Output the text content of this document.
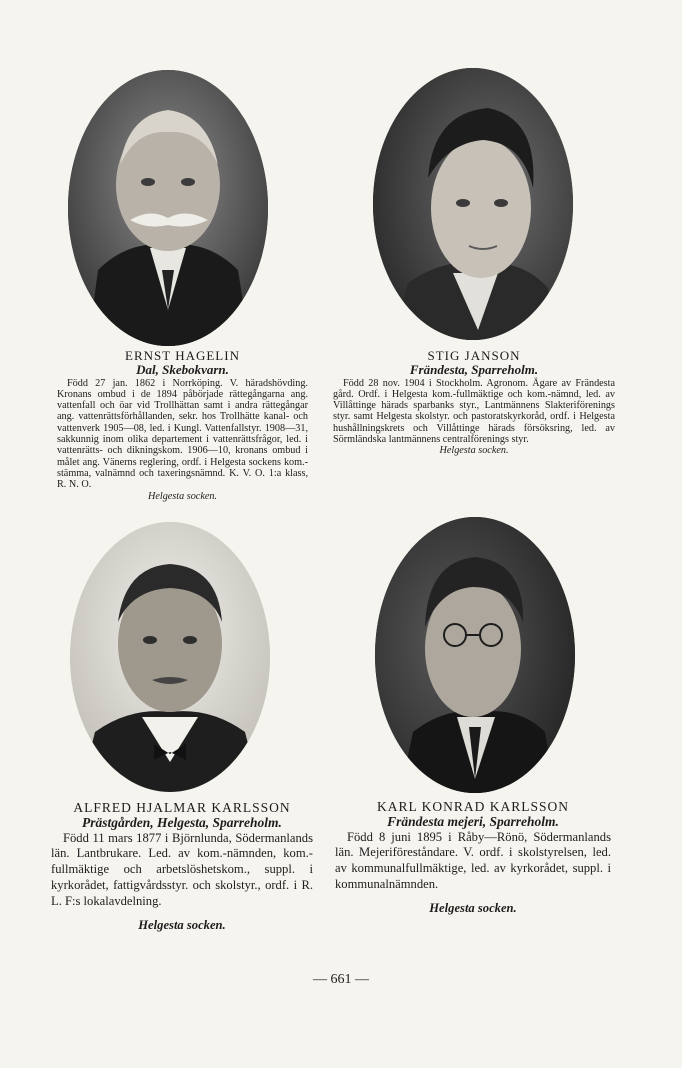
ERNST HAGELIN

Dal, Skebokvarn.

Född 27 jan. 1862 i Norrköping. V. häradshövding. Kronans ombud i de 1894 påbörjade rättegångarna ang. vattenfall och öar vid Trollhättan samt i andra rättegångar ang. vattenrättsförhållanden, sekr. hos Trollhätte kanal- och vattenverk 1905—08, led. i Kungl. Vattenfallstyr. 1908—31, sakkunnig inom olika departement i vattenrättsfrågor, led. i vattenrätts- och dikningskom. 1906—10, kronans ombud i målet ang. Vänerns reglering, ordf. i Helgesta sockens kom.-stämma, valnämnd och taxeringsnämnd. K. V. O. 1:a klass, R. N. O.

Helgesta socken.

STIG JANSON

Frändesta, Sparreholm.

Född 28 nov. 1904 i Stockholm. Agronom. Ägare av Frändesta gård. Ordf. i Helgesta kom.-fullmäktige och kom.-nämnd, led. av Villåttinge härads sparbanks styr., Lantmännens Slakteriförenings styr. samt Helgesta skolstyr. och pastoratskyrkoråd, ordf. i Helgesta hushållningskrets och Villåttinge härads försöksring, led. av Sörmländska lantmännens centralförenings styr.

Helgesta socken.

ALFRED HJALMAR KARLSSON

Prästgården, Helgesta, Sparreholm.

Född 11 mars 1877 i Björnlunda, Södermanlands län. Lantbrukare. Led. av kom.-nämnden, kom.-fullmäktige och arbetslöshetskom., suppl. i kyrkorådet, fattigvårdsstyr. och skolstyr., ordf. i R. L. F:s lokalavdelning.

Helgesta socken.

KARL KONRAD KARLSSON

Frändesta mejeri, Sparreholm.

Född 8 juni 1895 i Råby—Rönö, Södermanlands län. Mejeriföreståndare. V. ordf. i skolstyrelsen, led. av kommunalfullmäktige, led. av kyrkorådet, suppl. i kommunalnämnden.

Helgesta socken.

— 661 —
